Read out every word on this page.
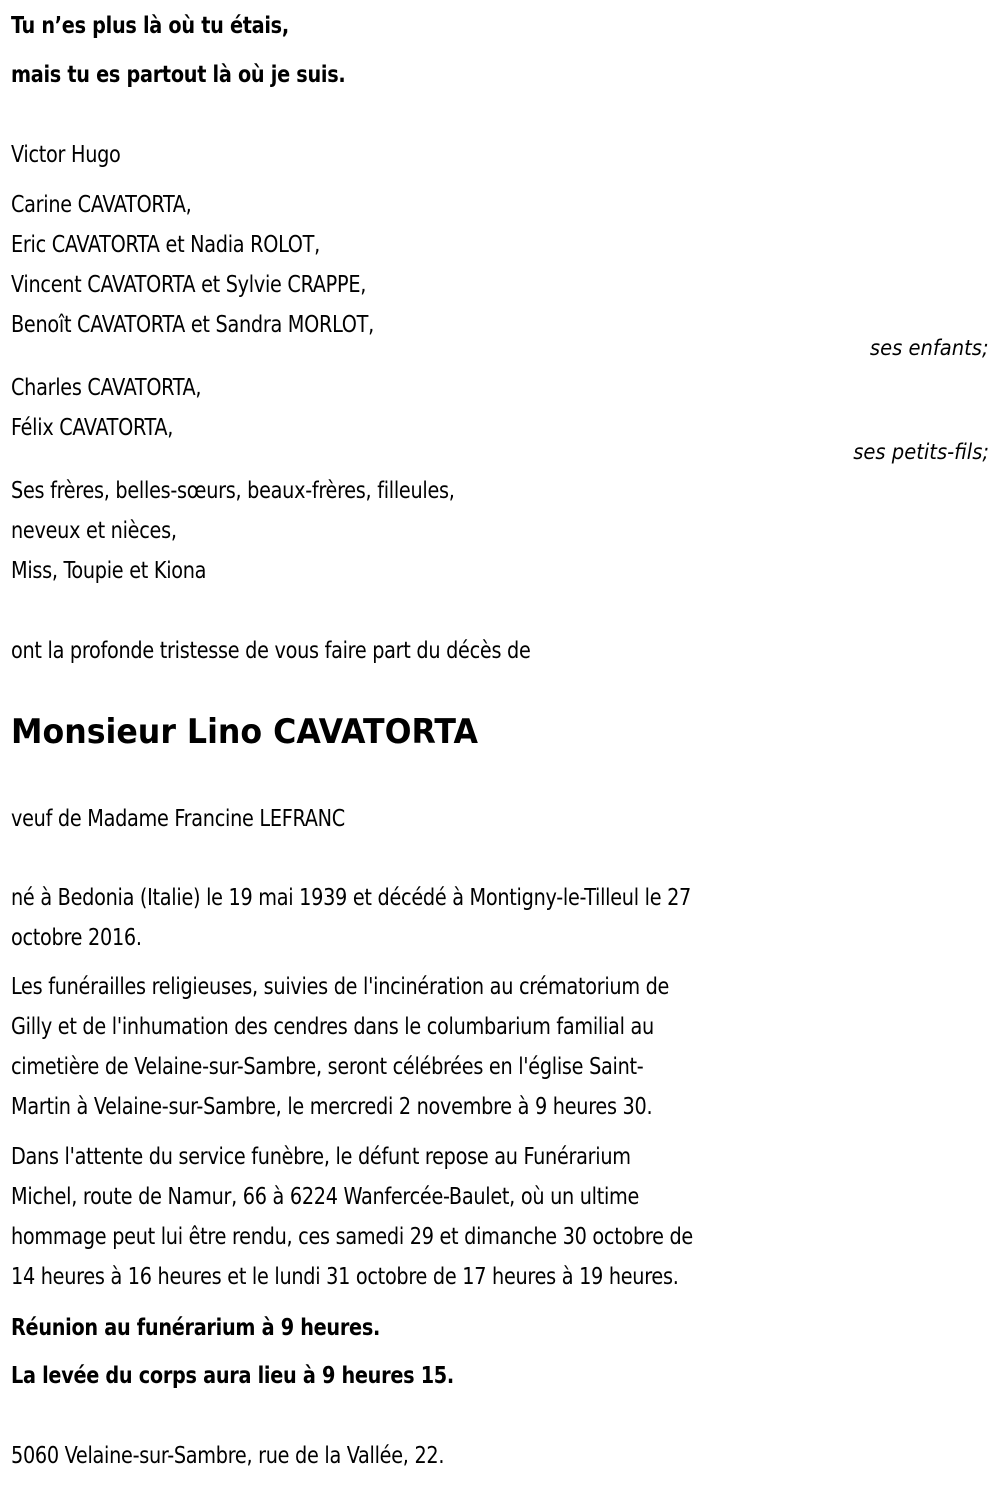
Tu n’es plus là où tu étais,
mais tu es partout là où je suis.
Victor Hugo
Carine CAVATORTA,
Eric CAVATORTA et Nadia ROLOT,
Vincent CAVATORTA et Sylvie CRAPPE,
Benoît CAVATORTA et Sandra MORLOT,
ses enfants;
Charles CAVATORTA,
Félix CAVATORTA,
ses petits-fils;
Ses frères, belles-sœurs, beaux-frères, filleules,
neveux et nièces,
Miss, Toupie et Kiona
ont la profonde tristesse de vous faire part du décès de
Monsieur Lino CAVATORTA
veuf de Madame Francine LEFRANC
né à Bedonia (Italie) le 19 mai 1939 et décédé à Montigny-le-Tilleul le 27
octobre 2016.
Les funérailles religieuses, suivies de l'incinération au crématorium de
Gilly et de l'inhumation des cendres dans le columbarium familial au
cimetière de Velaine-sur-Sambre, seront célébrées en l'église Saint-
Martin à Velaine-sur-Sambre, le mercredi 2 novembre à 9 heures 30.
Dans l'attente du service funèbre, le défunt repose au Funérarium
Michel, route de Namur, 66 à 6224 Wanfercée-Baulet, où un ultime
hommage peut lui être rendu, ces samedi 29 et dimanche 30 octobre de
14 heures à 16 heures et le lundi 31 octobre de 17 heures à 19 heures.
Réunion au funérarium à 9 heures.
La levée du corps aura lieu à 9 heures 15.
5060 Velaine-sur-Sambre, rue de la Vallée, 22.
